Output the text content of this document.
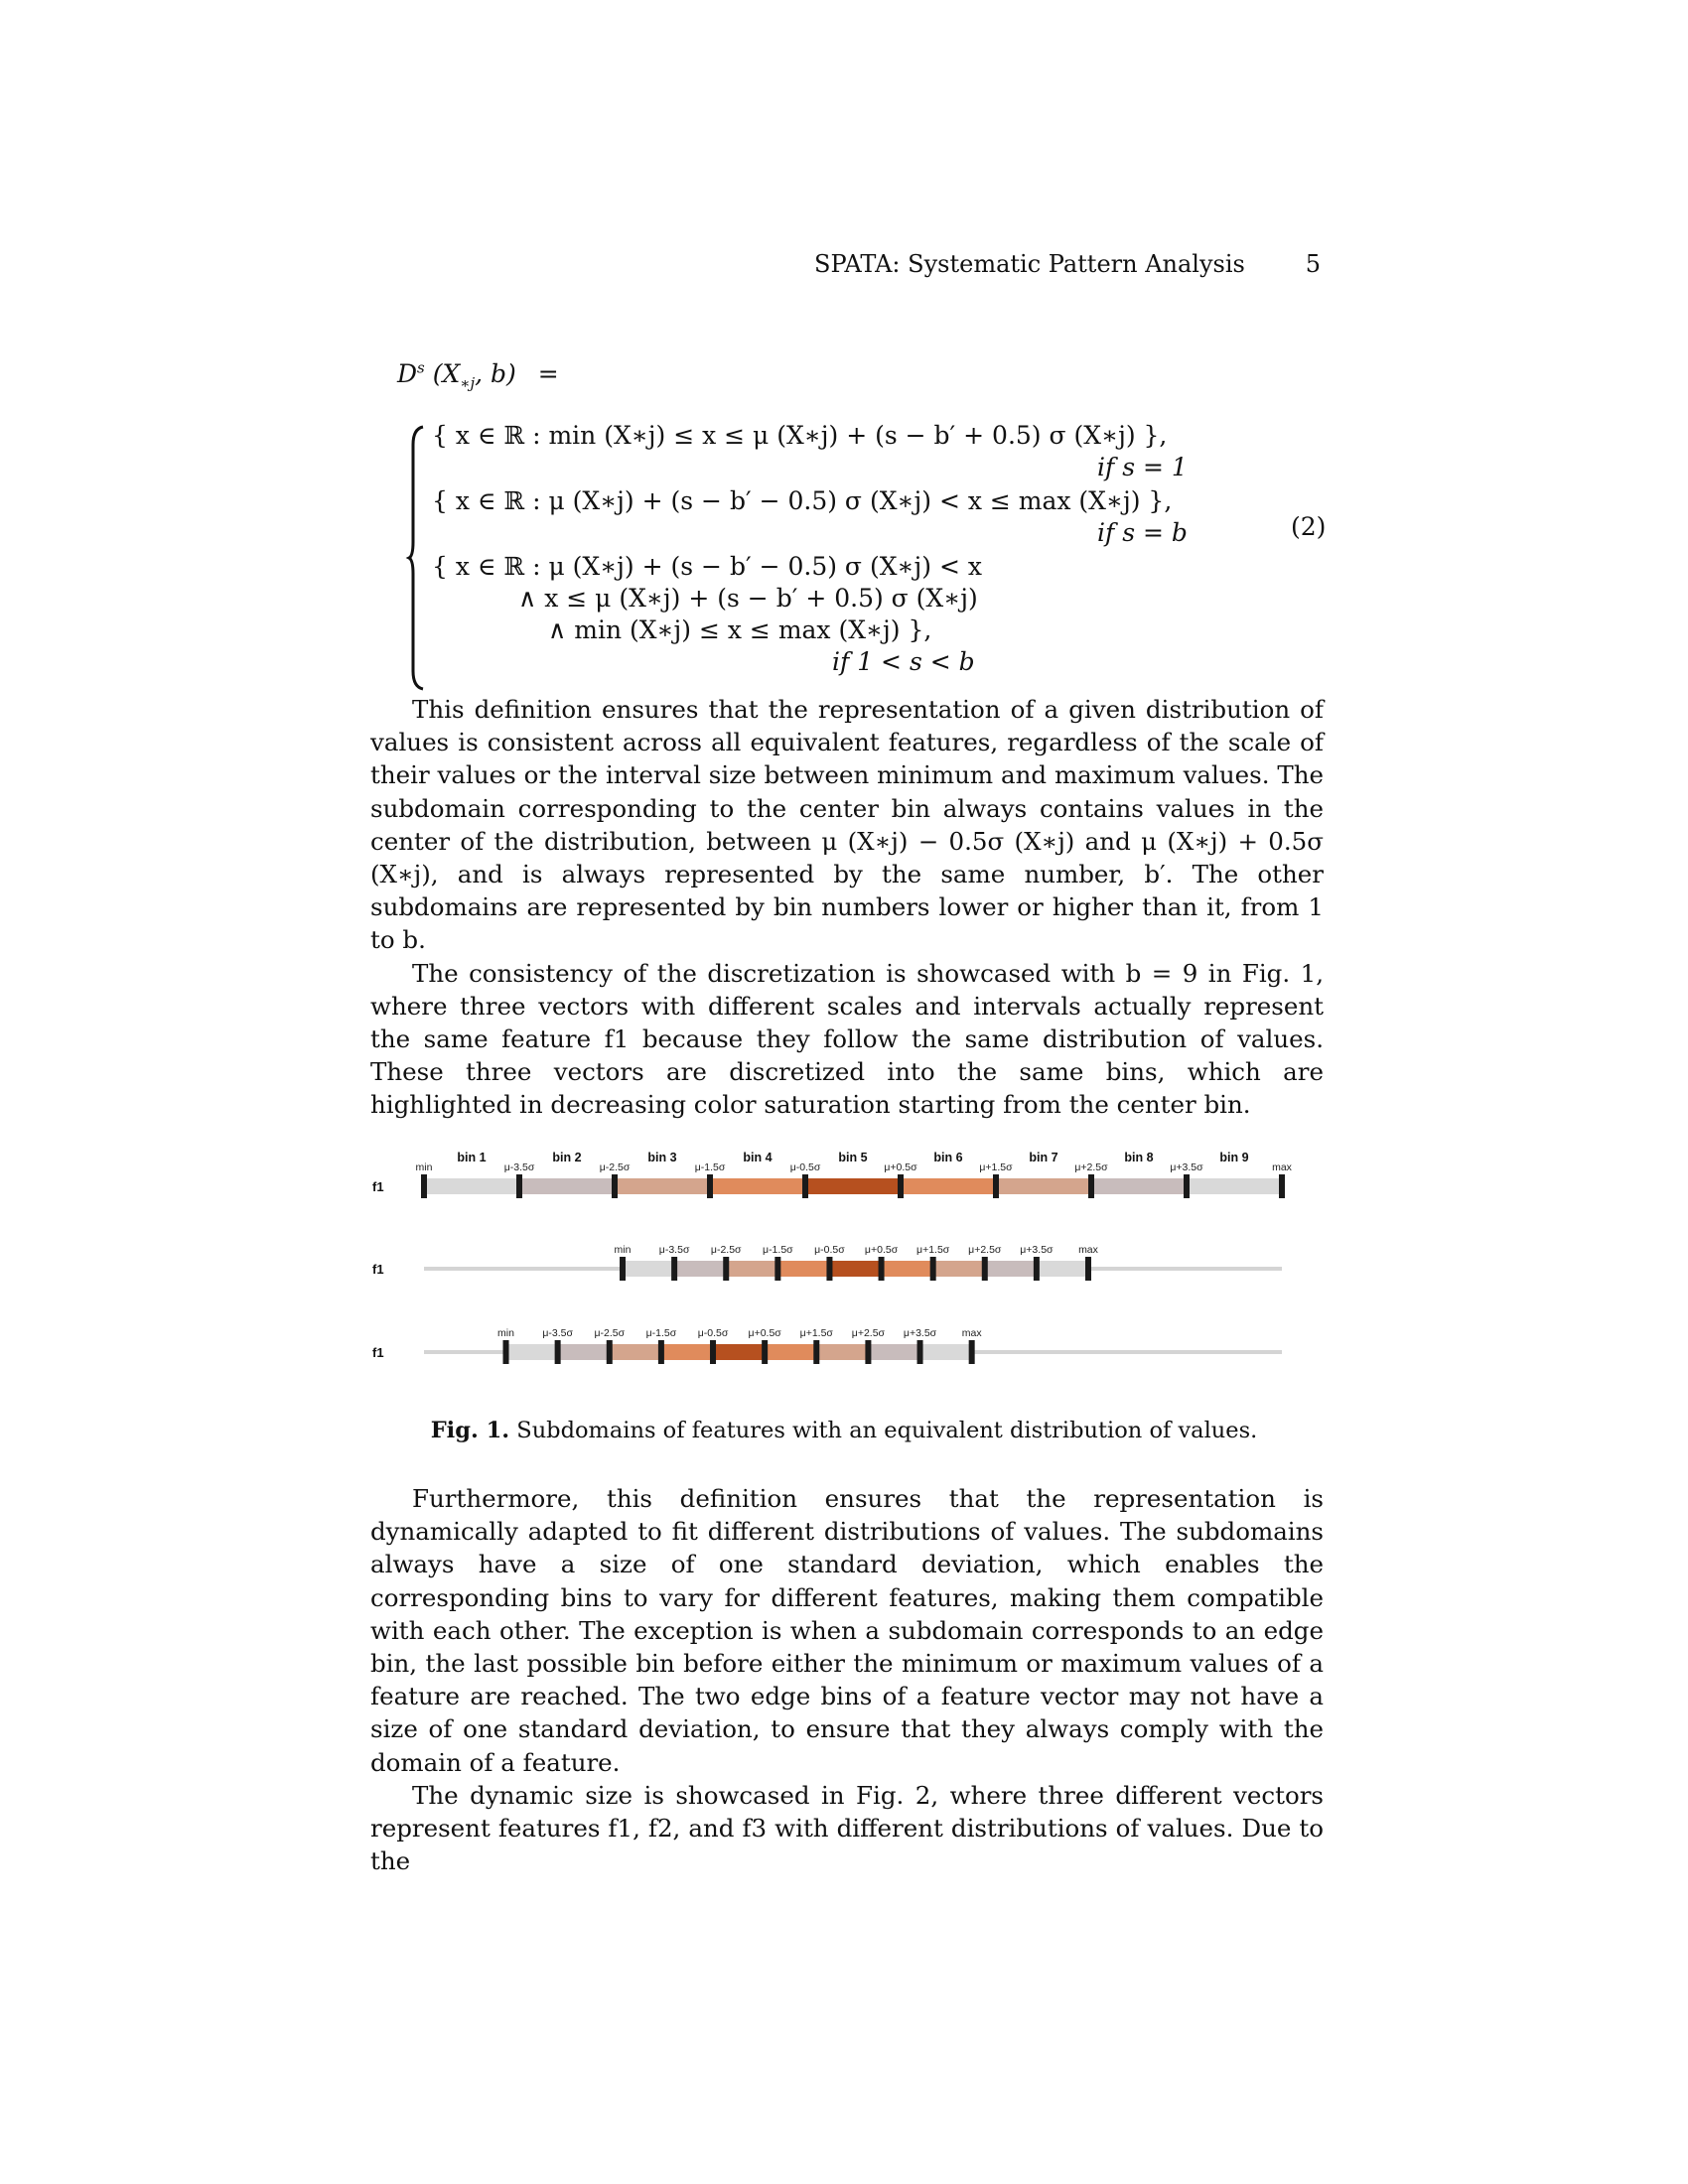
SPATA: Systematic Pattern Analysis	5
$D^s$ ($X_{∗j}$, b) =
{ x ∈ ℝ : min (X∗j) ≤ x ≤ μ (X∗j) + (s − b′ + 0.5) σ (X∗j) },
if s = 1
{ x ∈ ℝ : μ (X∗j) + (s − b′ − 0.5) σ (X∗j) < x ≤ max (X∗j) },
if s = b
{ x ∈ ℝ : μ (X∗j) + (s − b′ − 0.5) σ (X∗j) < x
∧ x ≤ μ (X∗j) + (s − b′ + 0.5) σ (X∗j)
∧ min (X∗j) ≤ x ≤ max (X∗j) },
if 1 < s < b
(2)

This definition ensures that the representation of a given distribution of values is consistent across all equivalent features, regardless of the scale of their values or the interval size between minimum and maximum values. The subdomain corresponding to the center bin always contains values in the center of the distribution, between μ (X∗j) − 0.5σ (X∗j) and μ (X∗j) + 0.5σ (X∗j), and is always represented by the same number, b′. The other subdomains are represented by bin numbers lower or higher than it, from 1 to b.

The consistency of the discretization is showcased with b = 9 in Fig. 1, where three vectors with different scales and intervals actually represent the same feature f1 because they follow the same distribution of values. These three vectors are discretized into the same bins, which are highlighted in decreasing color saturation starting from the center bin.

f1
bin 1	bin 2	bin 3	bin 4	bin 5	bin 6	bin 7	bin 8	bin 9
min	μ-3.5σ	μ-2.5σ	μ-1.5σ	μ-0.5σ	μ+0.5σ	μ+1.5σ	μ+2.5σ	μ+3.5σ	max
f1
min	μ-3.5σ μ-2.5σ μ-1.5σ μ-0.5σ μ+0.5σ μ+1.5σ μ+2.5σ μ+3.5σ max
f1
min	μ-3.5σ μ-2.5σ μ-1.5σ μ-0.5σ μ+0.5σ μ+1.5σ μ+2.5σ μ+3.5σ max
Fig. 1. Subdomains of features with an equivalent distribution of values.

Furthermore, this definition ensures that the representation is dynamically adapted to fit different distributions of values. The subdomains always have a size of one standard deviation, which enables the corresponding bins to vary for different features, making them compatible with each other. The exception is when a subdomain corresponds to an edge bin, the last possible bin before either the minimum or maximum values of a feature are reached. The two edge bins of a feature vector may not have a size of one standard deviation, to ensure that they always comply with the domain of a feature.

The dynamic size is showcased in Fig. 2, where three different vectors represent features f1, f2, and f3 with different distributions of values. Due to the
